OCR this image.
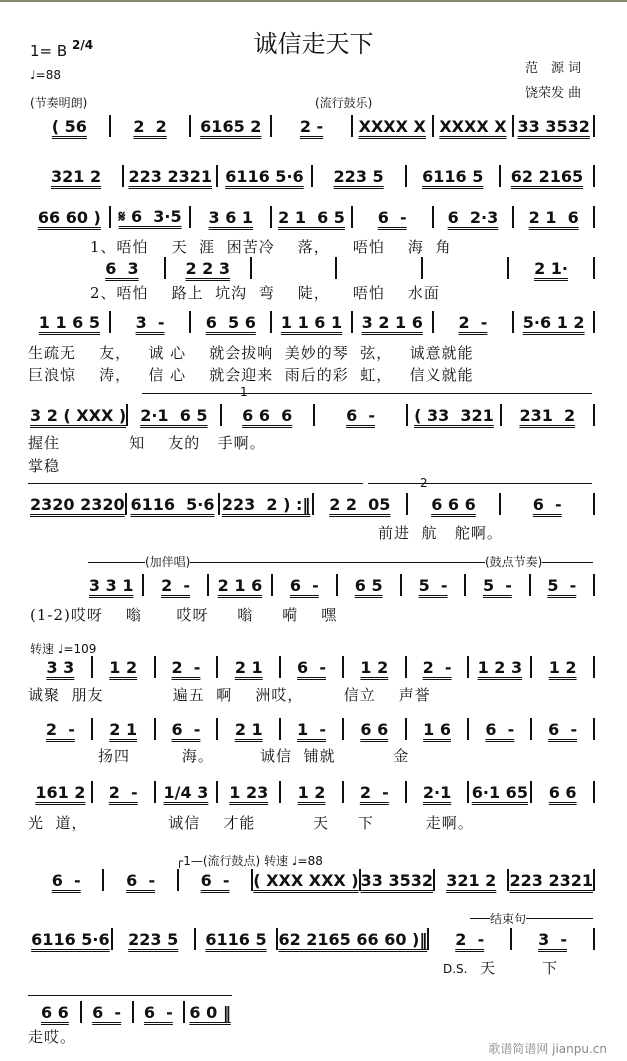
诚信走天下
1= B 2/4
♩=88	范　源 词
饶荣发 曲
(节奏明朗)	(流行鼓乐)
1、唔怕    天  涯  困苦冷    落，    唔怕    海  角
2、唔怕    路上  坑沟  弯    陡，    唔怕    水面
生疏无    友，   诚 心    就会拔响  美妙的琴  弦，   诚意就能
巨浪惊    涛，   信 心    就会迎来  雨后的彩  虹，   信义就能
1
握住            知    友的   手啊。
掌稳
2
前进  航   舵啊。
(加伴唱)	(鼓点节奏)
(1-2)哎呀    嗡      哎呀     嗡     嗬    嘿
转速 ♩=109
诚聚  朋友            遍五  啊    洲哎，       信立    声誉
扬四         海。        诚信  铺就          金
光  道，              诚信    才能          天     下         走啊。
┌1—(流行鼓点) 转速 ♩=88
结束句
D.S. 天        下
走哎。
歌谱简谱网 jianpu.cn
( 56	2  2	6165 2	2 -	XXXX X XXXX X 33 3532
321 2	223 2321 6116 5·6	223 5	6116 5	62 2165
66 60 )	𝄋 6  3·5	3 6 1	2 1  6 5	6  -	6  2·3	2 1  6
6  3	2 2 3	2 1·
1 1 6 5	3  -	6  5 6	1 1 6 1	3 2 1 6	2  -	5·6 1 2
3 2 ( XXX ) 2·1  6 5	6 6  6	6  -	( 33  321	231  2
2320 2320 6116  5·6 223  2 ) :‖	2 2  05	6 6 6	6  -
3 3 1	2  -	2 1 6	6  -	6 5	5  -	5  -	5  -
3 3	1 2	2  -	2 1	6  -	1 2	2  -	1 2 3	1 2
2  -	2 1	6  -	2 1	1  -	6 6	1 6	6  -	6  -
161 2	2  -	1/4 3	1 23	1 2	2  -	2·1	6·1 65	6 6
6  -	6  -	6  -	( XXX XXX ) 33 3532 321 2 223 2321
6116 5·6	223 5	6116 5 62 2165 66 60 )‖	2  -	3  -
6 6	6  -	6  -	6 0 ‖
